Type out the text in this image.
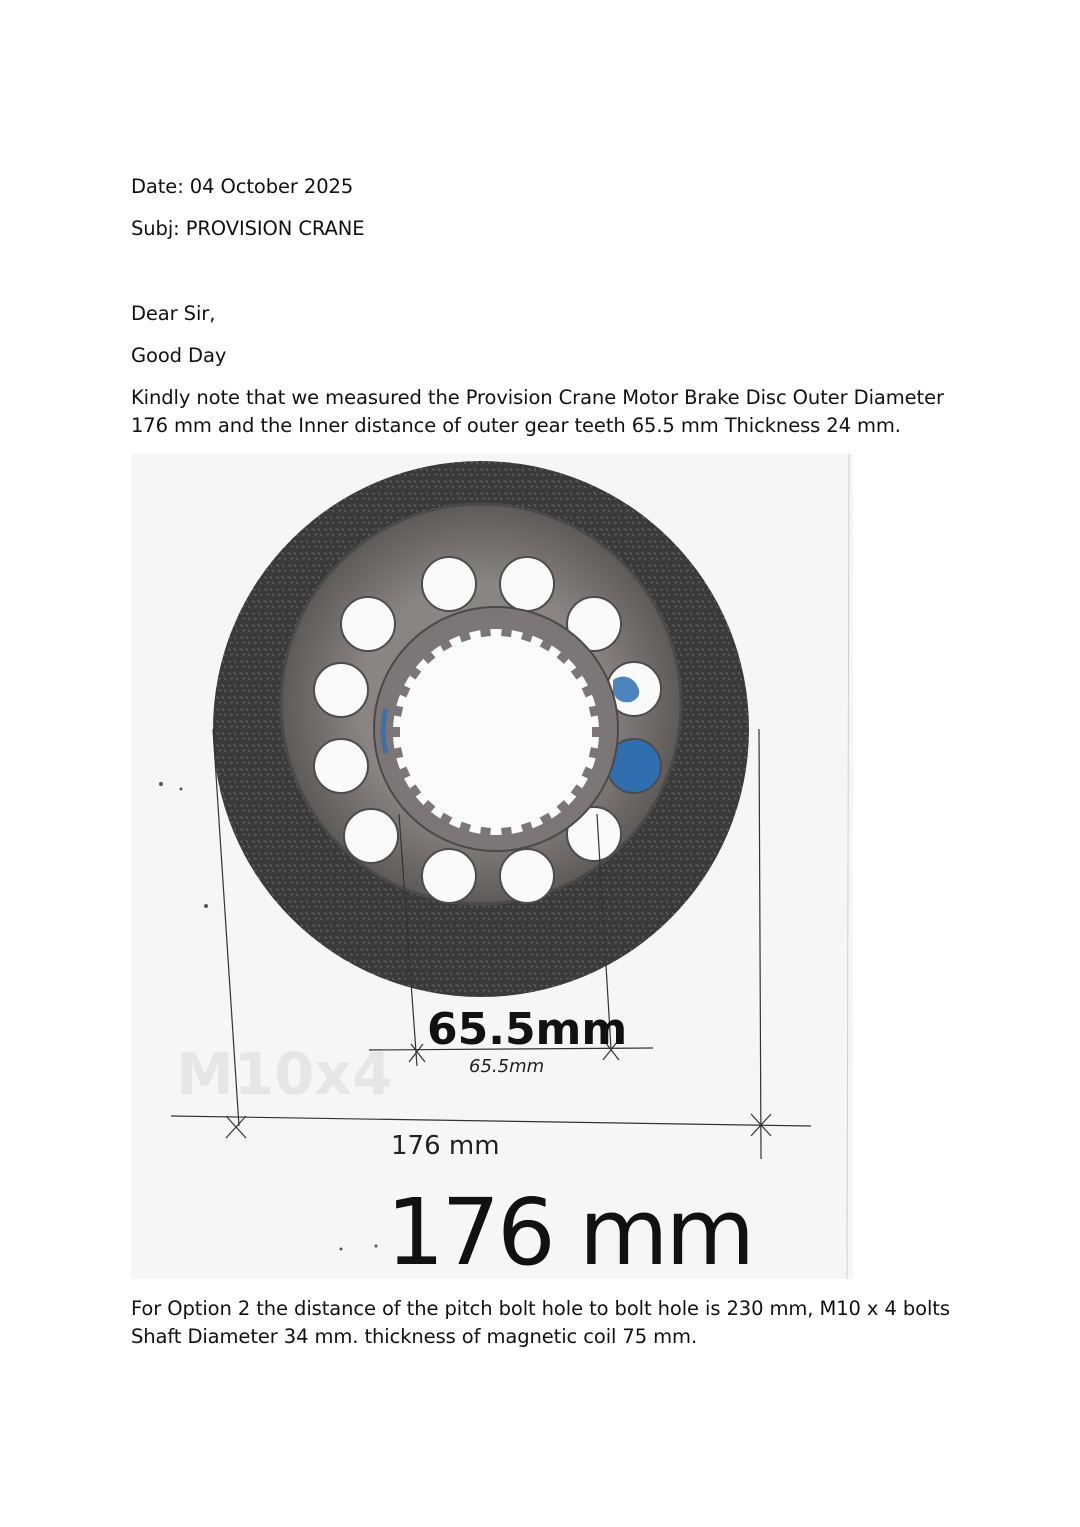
Date: 04 October 2025
Subj: PROVISION CRANE
Dear Sir,
Good Day
Kindly note that we measured the Provision Crane Motor Brake Disc Outer Diameter 176 mm and the Inner distance of outer gear teeth 65.5 mm Thickness 24 mm.
M10x4
65.5mm
65.5mm
176 mm
176 mm
For Option 2 the distance of the pitch bolt hole to bolt hole is 230 mm, M10 x 4 bolts Shaft Diameter 34 mm. thickness of magnetic coil 75 mm.
